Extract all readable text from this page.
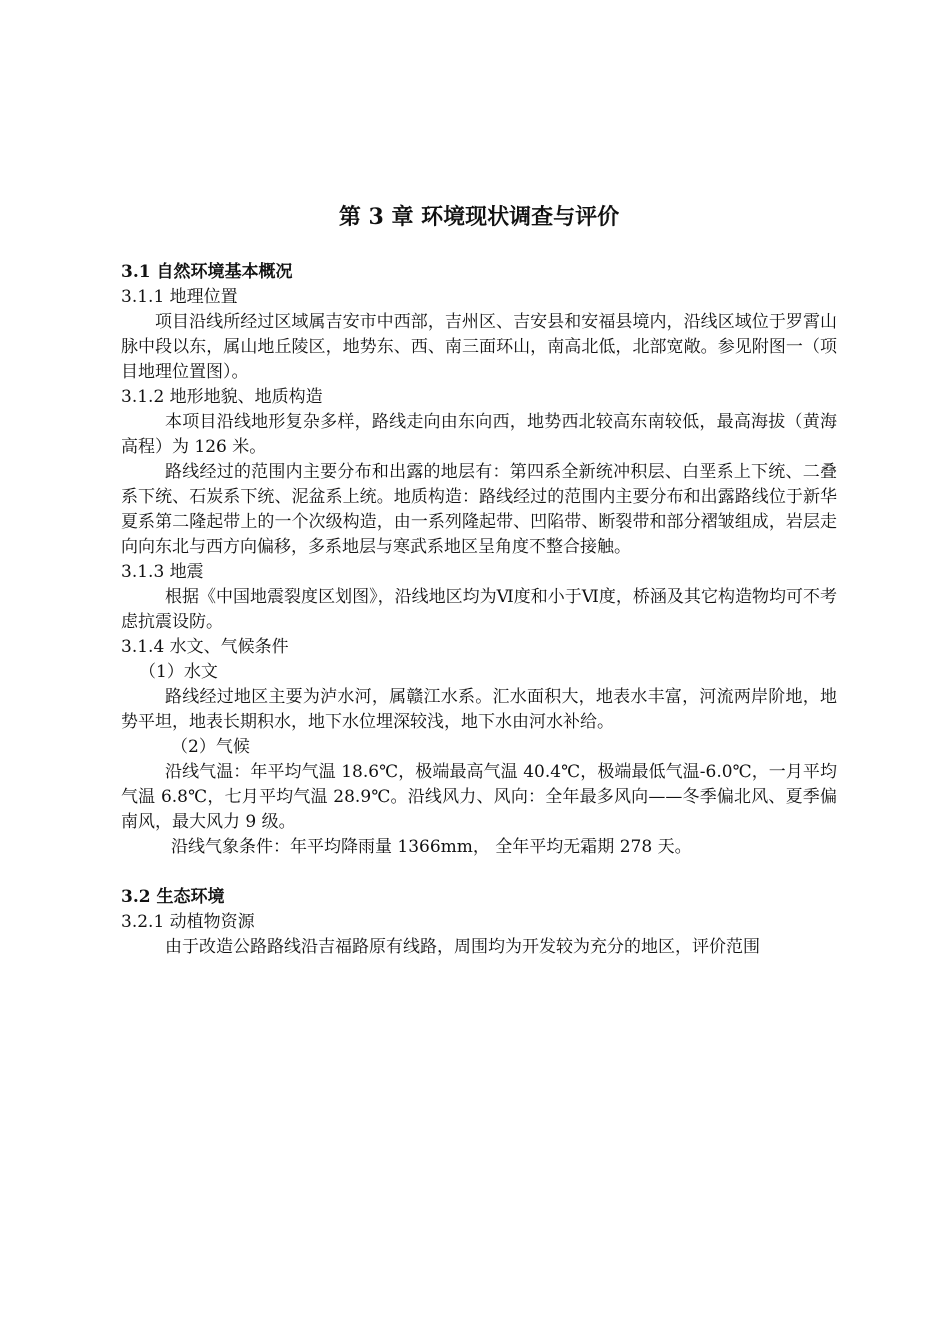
第 3 章 环境现状调查与评价

3.1 自然环境基本概况

3.1.1 地理位置

项目沿线所经过区域属吉安市中西部，吉州区、吉安县和安福县境内，沿线区域位于罗霄山脉中段以东，属山地丘陵区，地势东、西、南三面环山，南高北低，北部宽敞。参见附图一（项目地理位置图）。

3.1.2 地形地貌、地质构造

本项目沿线地形复杂多样，路线走向由东向西，地势西北较高东南较低，最高海拔（黄海高程）为 126 米。

路线经过的范围内主要分布和出露的地层有：第四系全新统冲积层、白垩系上下统、二叠系下统、石炭系下统、泥盆系上统。地质构造：路线经过的范围内主要分布和出露路线位于新华夏系第二隆起带上的一个次级构造，由一系列隆起带、凹陷带、断裂带和部分褶皱组成，岩层走向向东北与西方向偏移，多系地层与寒武系地区呈角度不整合接触。

3.1.3 地震

根据《中国地震裂度区划图》，沿线地区均为Ⅵ度和小于Ⅵ度，桥涵及其它构造物均可不考虑抗震设防。

3.1.4 水文、气候条件

（1）水文

路线经过地区主要为泸水河，属赣江水系。汇水面积大，地表水丰富，河流两岸阶地，地势平坦，地表长期积水，地下水位埋深较浅，地下水由河水补给。

（2）气候

沿线气温：年平均气温 18.6℃，极端最高气温 40.4℃，极端最低气温-6.0℃，一月平均气温 6.8℃，七月平均气温 28.9℃。沿线风力、风向：全年最多风向——冬季偏北风、夏季偏南风，最大风力 9 级。

沿线气象条件：年平均降雨量 1366mm， 全年平均无霜期 278 天。

3.2 生态环境

3.2.1 动植物资源

由于改造公路路线沿吉福路原有线路，周围均为开发较为充分的地区，评价范围
